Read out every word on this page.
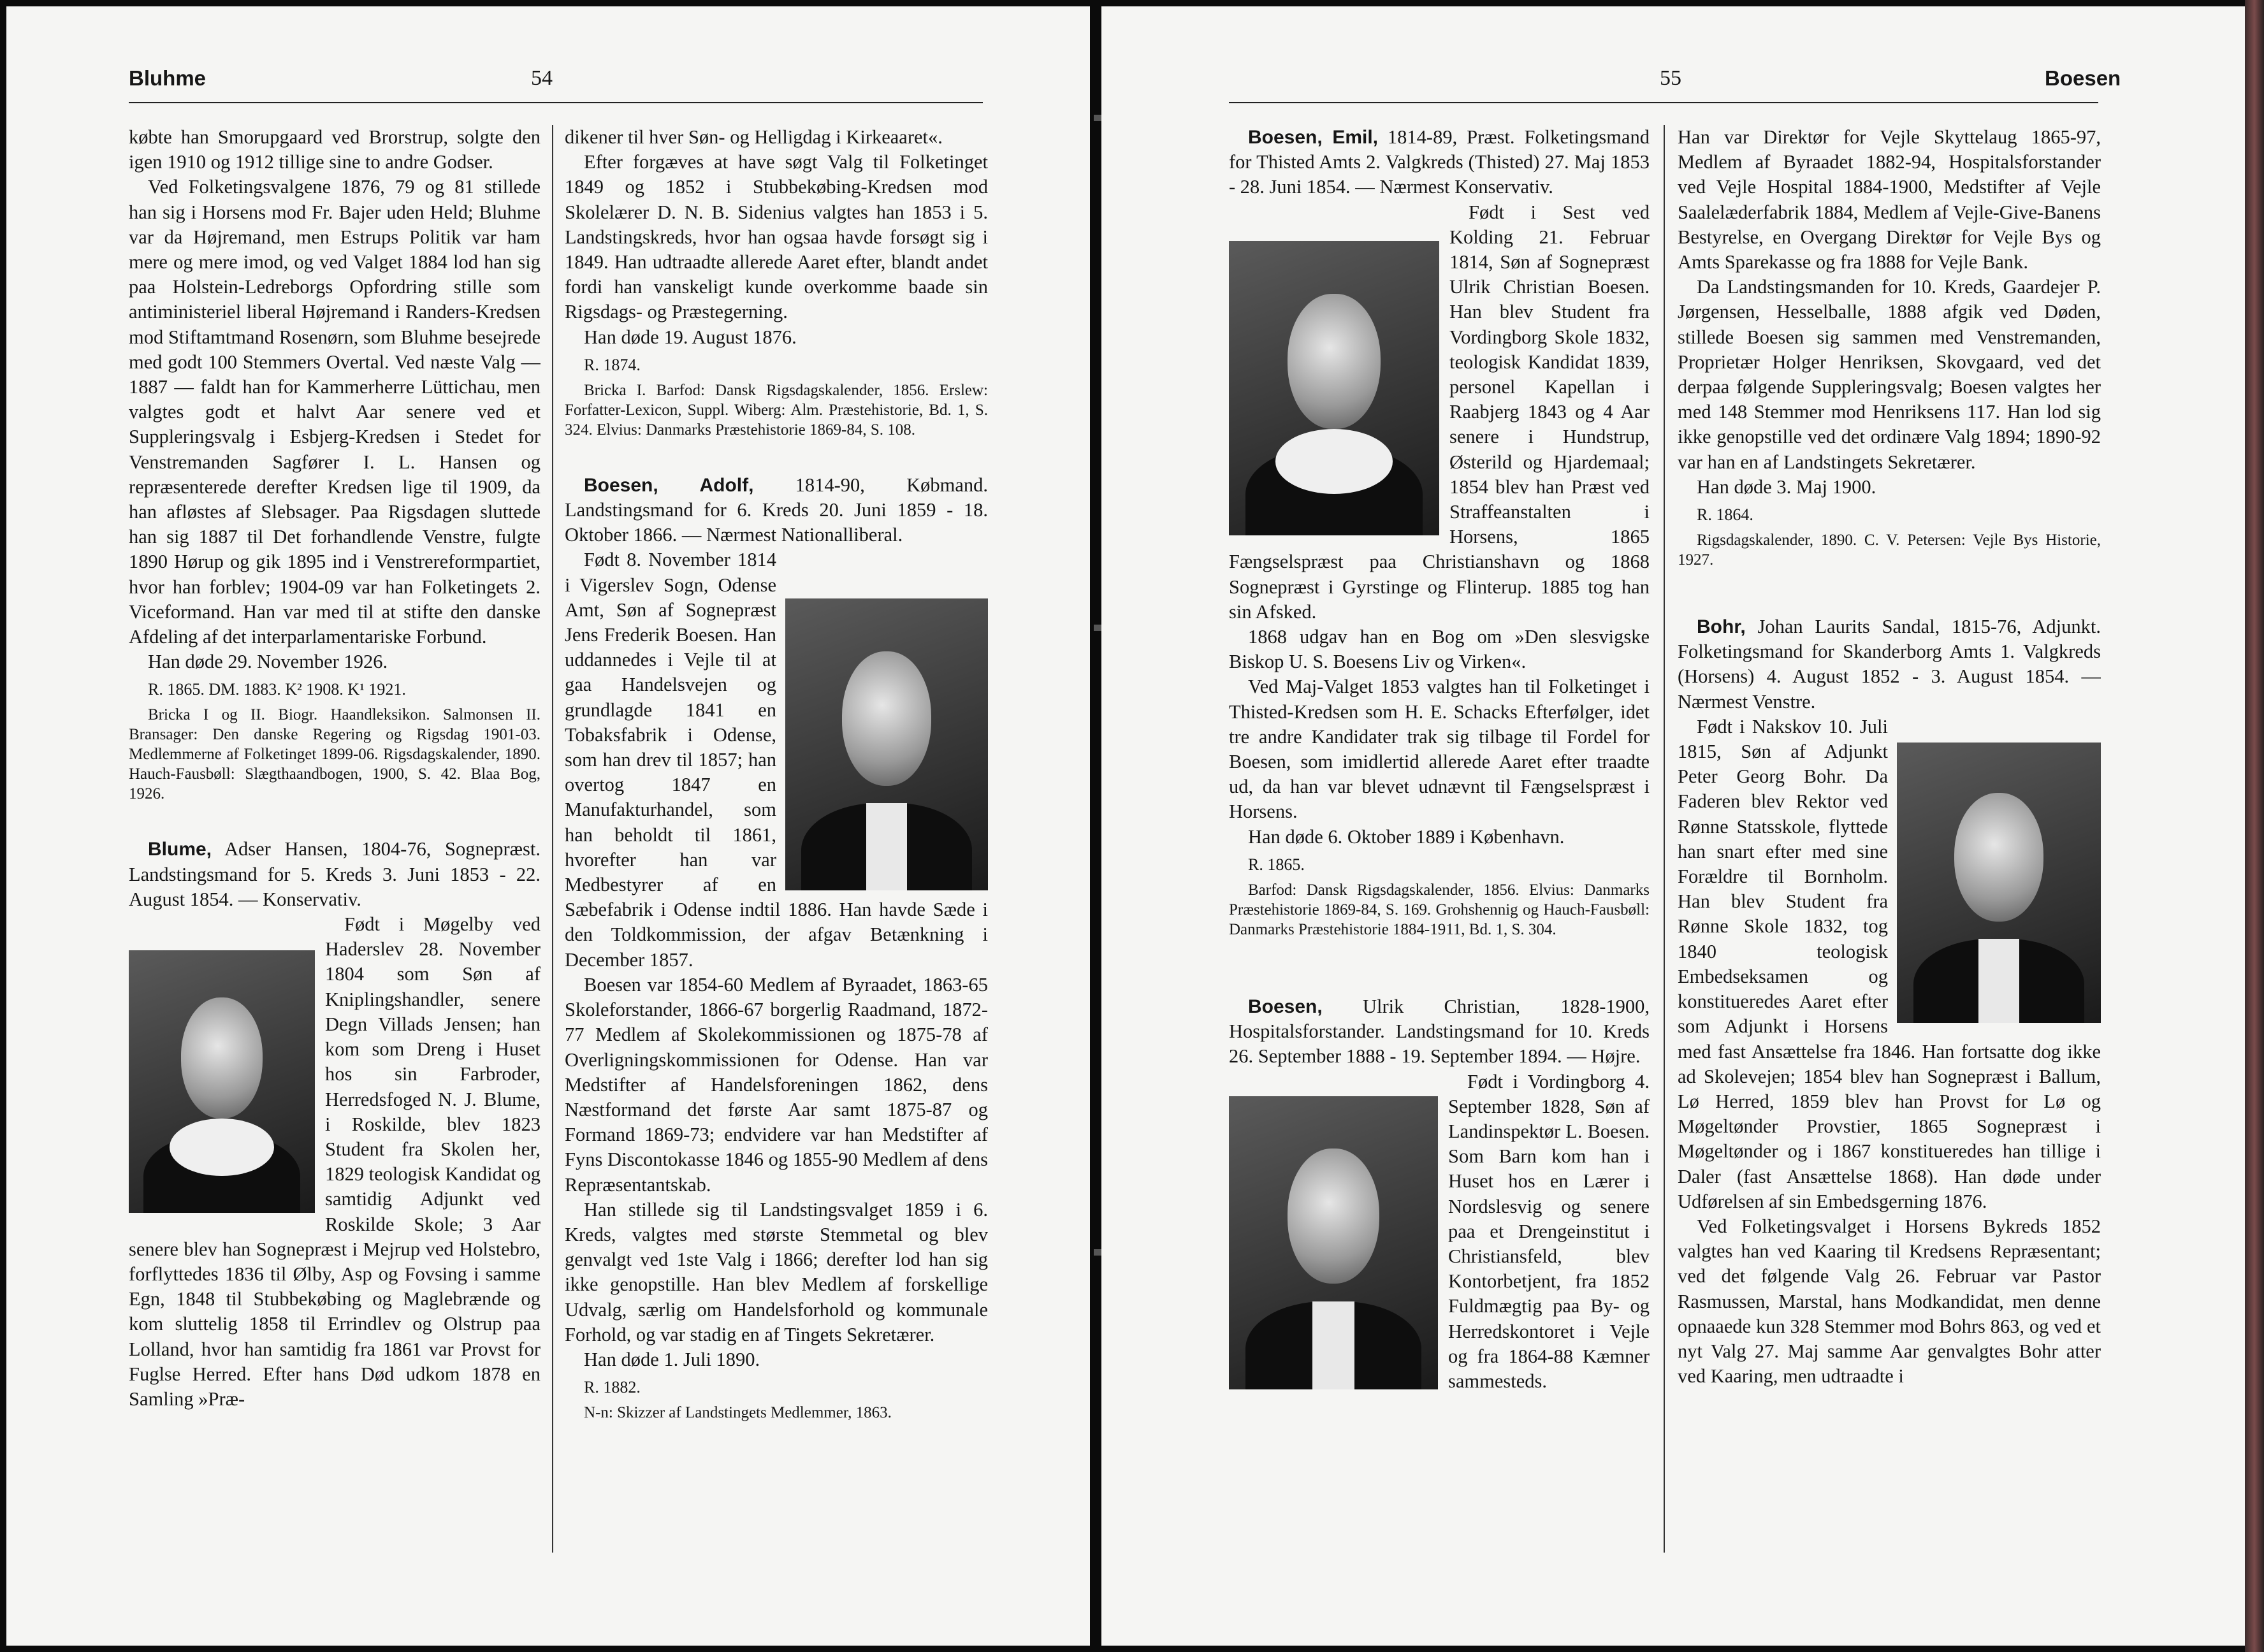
Bluhme	54

købte han Smorupgaard ved Brorstrup, solgte den igen 1910 og 1912 tillige sine to andre Godser.

Ved Folketingsvalgene 1876, 79 og 81 stillede han sig i Horsens mod Fr. Bajer uden Held; Bluhme var da Højremand, men Estrups Politik var ham mere og mere imod, og ved Valget 1884 lod han sig paa Holstein-Ledreborgs Opfordring stille som antiministeriel liberal Højremand i Randers-Kredsen mod Stiftamtmand Rosenørn, som Bluhme besejrede med godt 100 Stemmers Overtal. Ved næste Valg — 1887 — faldt han for Kammerherre Lüttichau, men valgtes godt et halvt Aar senere ved et Suppleringsvalg i Esbjerg-Kredsen i Stedet for Venstremanden Sagfører I. L. Hansen og repræsenterede derefter Kredsen lige til 1909, da han afløstes af Slebsager. Paa Rigsdagen sluttede han sig 1887 til Det forhandlende Venstre, fulgte 1890 Hørup og gik 1895 ind i Venstrereformpartiet, hvor han forblev; 1904-09 var han Folketingets 2. Viceformand. Han var med til at stifte den danske Afdeling af det interparlamentariske Forbund.

Han døde 29. November 1926.

R. 1865. DM. 1883. K² 1908. K¹ 1921.

Bricka I og II. Biogr. Haandleksikon. Salmonsen II. Bransager: Den danske Regering og Rigsdag 1901-03. Medlemmerne af Folketinget 1899-06. Rigsdagskalender, 1890. Hauch-Fausbøll: Slægthaandbogen, 1900, S. 42. Blaa Bog, 1926.

Blume, Adser Hansen, 1804-76, Sognepræst. Landstingsmand for 5. Kreds 3. Juni 1853 - 22. August 1854. — Konservativ.

Født i Møgelby ved Haderslev 28. November 1804 som Søn af Kniplingshandler, senere Degn Villads Jensen; han kom som Dreng i Huset hos sin Farbroder, Herredsfoged N. J. Blume, i Roskilde, blev 1823 Student fra Skolen her, 1829 teologisk Kandidat og samtidig Adjunkt ved Roskilde Skole; 3 Aar senere blev han Sognepræst i Mejrup ved Holstebro, forflyttedes 1836 til Ølby, Asp og Fovsing i samme Egn, 1848 til Stubbekøbing og Maglebrænde og kom sluttelig 1858 til Errindlev og Olstrup paa Lolland, hvor han samtidig fra 1861 var Provst for Fuglse Herred. Efter hans Død udkom 1878 en Samling »Præ-

dikener til hver Søn- og Helligdag i Kirkeaaret«.

Efter forgæves at have søgt Valg til Folketinget 1849 og 1852 i Stubbekøbing-Kredsen mod Skolelærer D. N. B. Sidenius valgtes han 1853 i 5. Landstingskreds, hvor han ogsaa havde forsøgt sig i 1849. Han udtraadte allerede Aaret efter, blandt andet fordi han vanskeligt kunde overkomme baade sin Rigsdags- og Præstegerning.

Han døde 19. August 1876.

R. 1874.

Bricka I. Barfod: Dansk Rigsdagskalender, 1856. Erslew: Forfatter-Lexicon, Suppl. Wiberg: Alm. Præstehistorie, Bd. 1, S. 324. Elvius: Danmarks Præstehistorie 1869-84, S. 108.

Boesen, Adolf, 1814-90, Købmand. Landstingsmand for 6. Kreds 20. Juni 1859 - 18. Oktober 1866. — Nærmest Nationalliberal.

Født 8. November 1814 i Vigerslev Sogn, Odense Amt, Søn af Sognepræst Jens Frederik Boesen. Han uddannedes i Vejle til at gaa Handelsvejen og grundlagde 1841 en Tobaksfabrik i Odense, som han drev til 1857; han overtog 1847 en Manufakturhandel, som han beholdt til 1861, hvorefter han var Medbestyrer af en Sæbefabrik i Odense indtil 1886. Han havde Sæde i den Toldkommission, der afgav Betænkning i December 1857.

Boesen var 1854-60 Medlem af Byraadet, 1863-65 Skoleforstander, 1866-67 borgerlig Raadmand, 1872-77 Medlem af Skolekommissionen og 1875-78 af Overligningskommissionen for Odense. Han var Medstifter af Handelsforeningen 1862, dens Næstformand det første Aar samt 1875-87 og Formand 1869-73; endvidere var han Medstifter af Fyns Discontokasse 1846 og 1855-90 Medlem af dens Repræsentantskab.

Han stillede sig til Landstingsvalget 1859 i 6. Kreds, valgtes med største Stemmetal og blev genvalgt ved 1ste Valg i 1866; derefter lod han sig ikke genopstille. Han blev Medlem af forskellige Udvalg, særlig om Handelsforhold og kommunale Forhold, og var stadig en af Tingets Sekretærer.

Han døde 1. Juli 1890.

R. 1882.

N-n: Skizzer af Landstingets Medlemmer, 1863.

55	Boesen

Boesen, Emil, 1814-89, Præst. Folketingsmand for Thisted Amts 2. Valgkreds (Thisted) 27. Maj 1853 - 28. Juni 1854. — Nærmest Konservativ.

Født i Sest ved Kolding 21. Februar 1814, Søn af Sognepræst Ulrik Christian Boesen. Han blev Student fra Vordingborg Skole 1832, teologisk Kandidat 1839, personel Kapellan i Raabjerg 1843 og 4 Aar senere i Hundstrup, Østerild og Hjardemaal; 1854 blev han Præst ved Straffeanstalten i Horsens, 1865 Fængselspræst paa Christianshavn og 1868 Sognepræst i Gyrstinge og Flinterup. 1885 tog han sin Afsked.

1868 udgav han en Bog om »Den slesvigske Biskop U. S. Boesens Liv og Virken«.

Ved Maj-Valget 1853 valgtes han til Folketinget i Thisted-Kredsen som H. E. Schacks Efterfølger, idet tre andre Kandidater trak sig tilbage til Fordel for Boesen, som imidlertid allerede Aaret efter traadte ud, da han var blevet udnævnt til Fængselspræst i Horsens.

Han døde 6. Oktober 1889 i København.

R. 1865.

Barfod: Dansk Rigsdagskalender, 1856. Elvius: Danmarks Præstehistorie 1869-84, S. 169. Grohshennig og Hauch-Fausbøll: Danmarks Præstehistorie 1884-1911, Bd. 1, S. 304.

Boesen, Ulrik Christian, 1828-1900, Hospitalsforstander. Landstingsmand for 10. Kreds 26. September 1888 - 19. September 1894. — Højre.

Født i Vordingborg 4. September 1828, Søn af Landinspektør L. Boesen. Som Barn kom han i Huset hos en Lærer i Nordslesvig og senere paa et Drengeinstitut i Christiansfeld, blev Kontorbetjent, fra 1852 Fuldmægtig paa By- og Herredskontoret i Vejle og fra 1864-88 Kæmner sammesteds.

Han var Direktør for Vejle Skyttelaug 1865-97, Medlem af Byraadet 1882-94, Hospitalsforstander ved Vejle Hospital 1884-1900, Medstifter af Vejle Saalelæderfabrik 1884, Medlem af Vejle-Give-Banens Bestyrelse, en Overgang Direktør for Vejle Bys og Amts Sparekasse og fra 1888 for Vejle Bank.

Da Landstingsmanden for 10. Kreds, Gaardejer P. Jørgensen, Hesselballe, 1888 afgik ved Døden, stillede Boesen sig sammen med Venstremanden, Proprietær Holger Henriksen, Skovgaard, ved det derpaa følgende Suppleringsvalg; Boesen valgtes her med 148 Stemmer mod Henriksens 117. Han lod sig ikke genopstille ved det ordinære Valg 1894; 1890-92 var han en af Landstingets Sekretærer.

Han døde 3. Maj 1900.

R. 1864.

Rigsdagskalender, 1890. C. V. Petersen: Vejle Bys Historie, 1927.

Bohr, Johan Laurits Sandal, 1815-76, Adjunkt. Folketingsmand for Skanderborg Amts 1. Valgkreds (Horsens) 4. August 1852 - 3. August 1854. — Nærmest Venstre.

Født i Nakskov 10. Juli 1815, Søn af Adjunkt Peter Georg Bohr. Da Faderen blev Rektor ved Rønne Statsskole, flyttede han snart efter med sine Forældre til Bornholm. Han blev Student fra Rønne Skole 1832, tog 1840 teologisk Embedseksamen og konstitueredes Aaret efter som Adjunkt i Horsens med fast Ansættelse fra 1846. Han fortsatte dog ikke ad Skolevejen; 1854 blev han Sognepræst i Ballum, Lø Herred, 1859 blev han Provst for Lø og Møgeltønder Provstier, 1865 Sognepræst i Møgeltønder og i 1867 konstitueredes han tillige i Daler (fast Ansættelse 1868). Han døde under Udførelsen af sin Embedsgerning 1876.

Ved Folketingsvalget i Horsens Bykreds 1852 valgtes han ved Kaaring til Kredsens Repræsentant; ved det følgende Valg 26. Februar var Pastor Rasmussen, Marstal, hans Modkandidat, men denne opnaaede kun 328 Stemmer mod Bohrs 863, og ved et nyt Valg 27. Maj samme Aar genvalgtes Bohr atter ved Kaaring, men udtraadte i
